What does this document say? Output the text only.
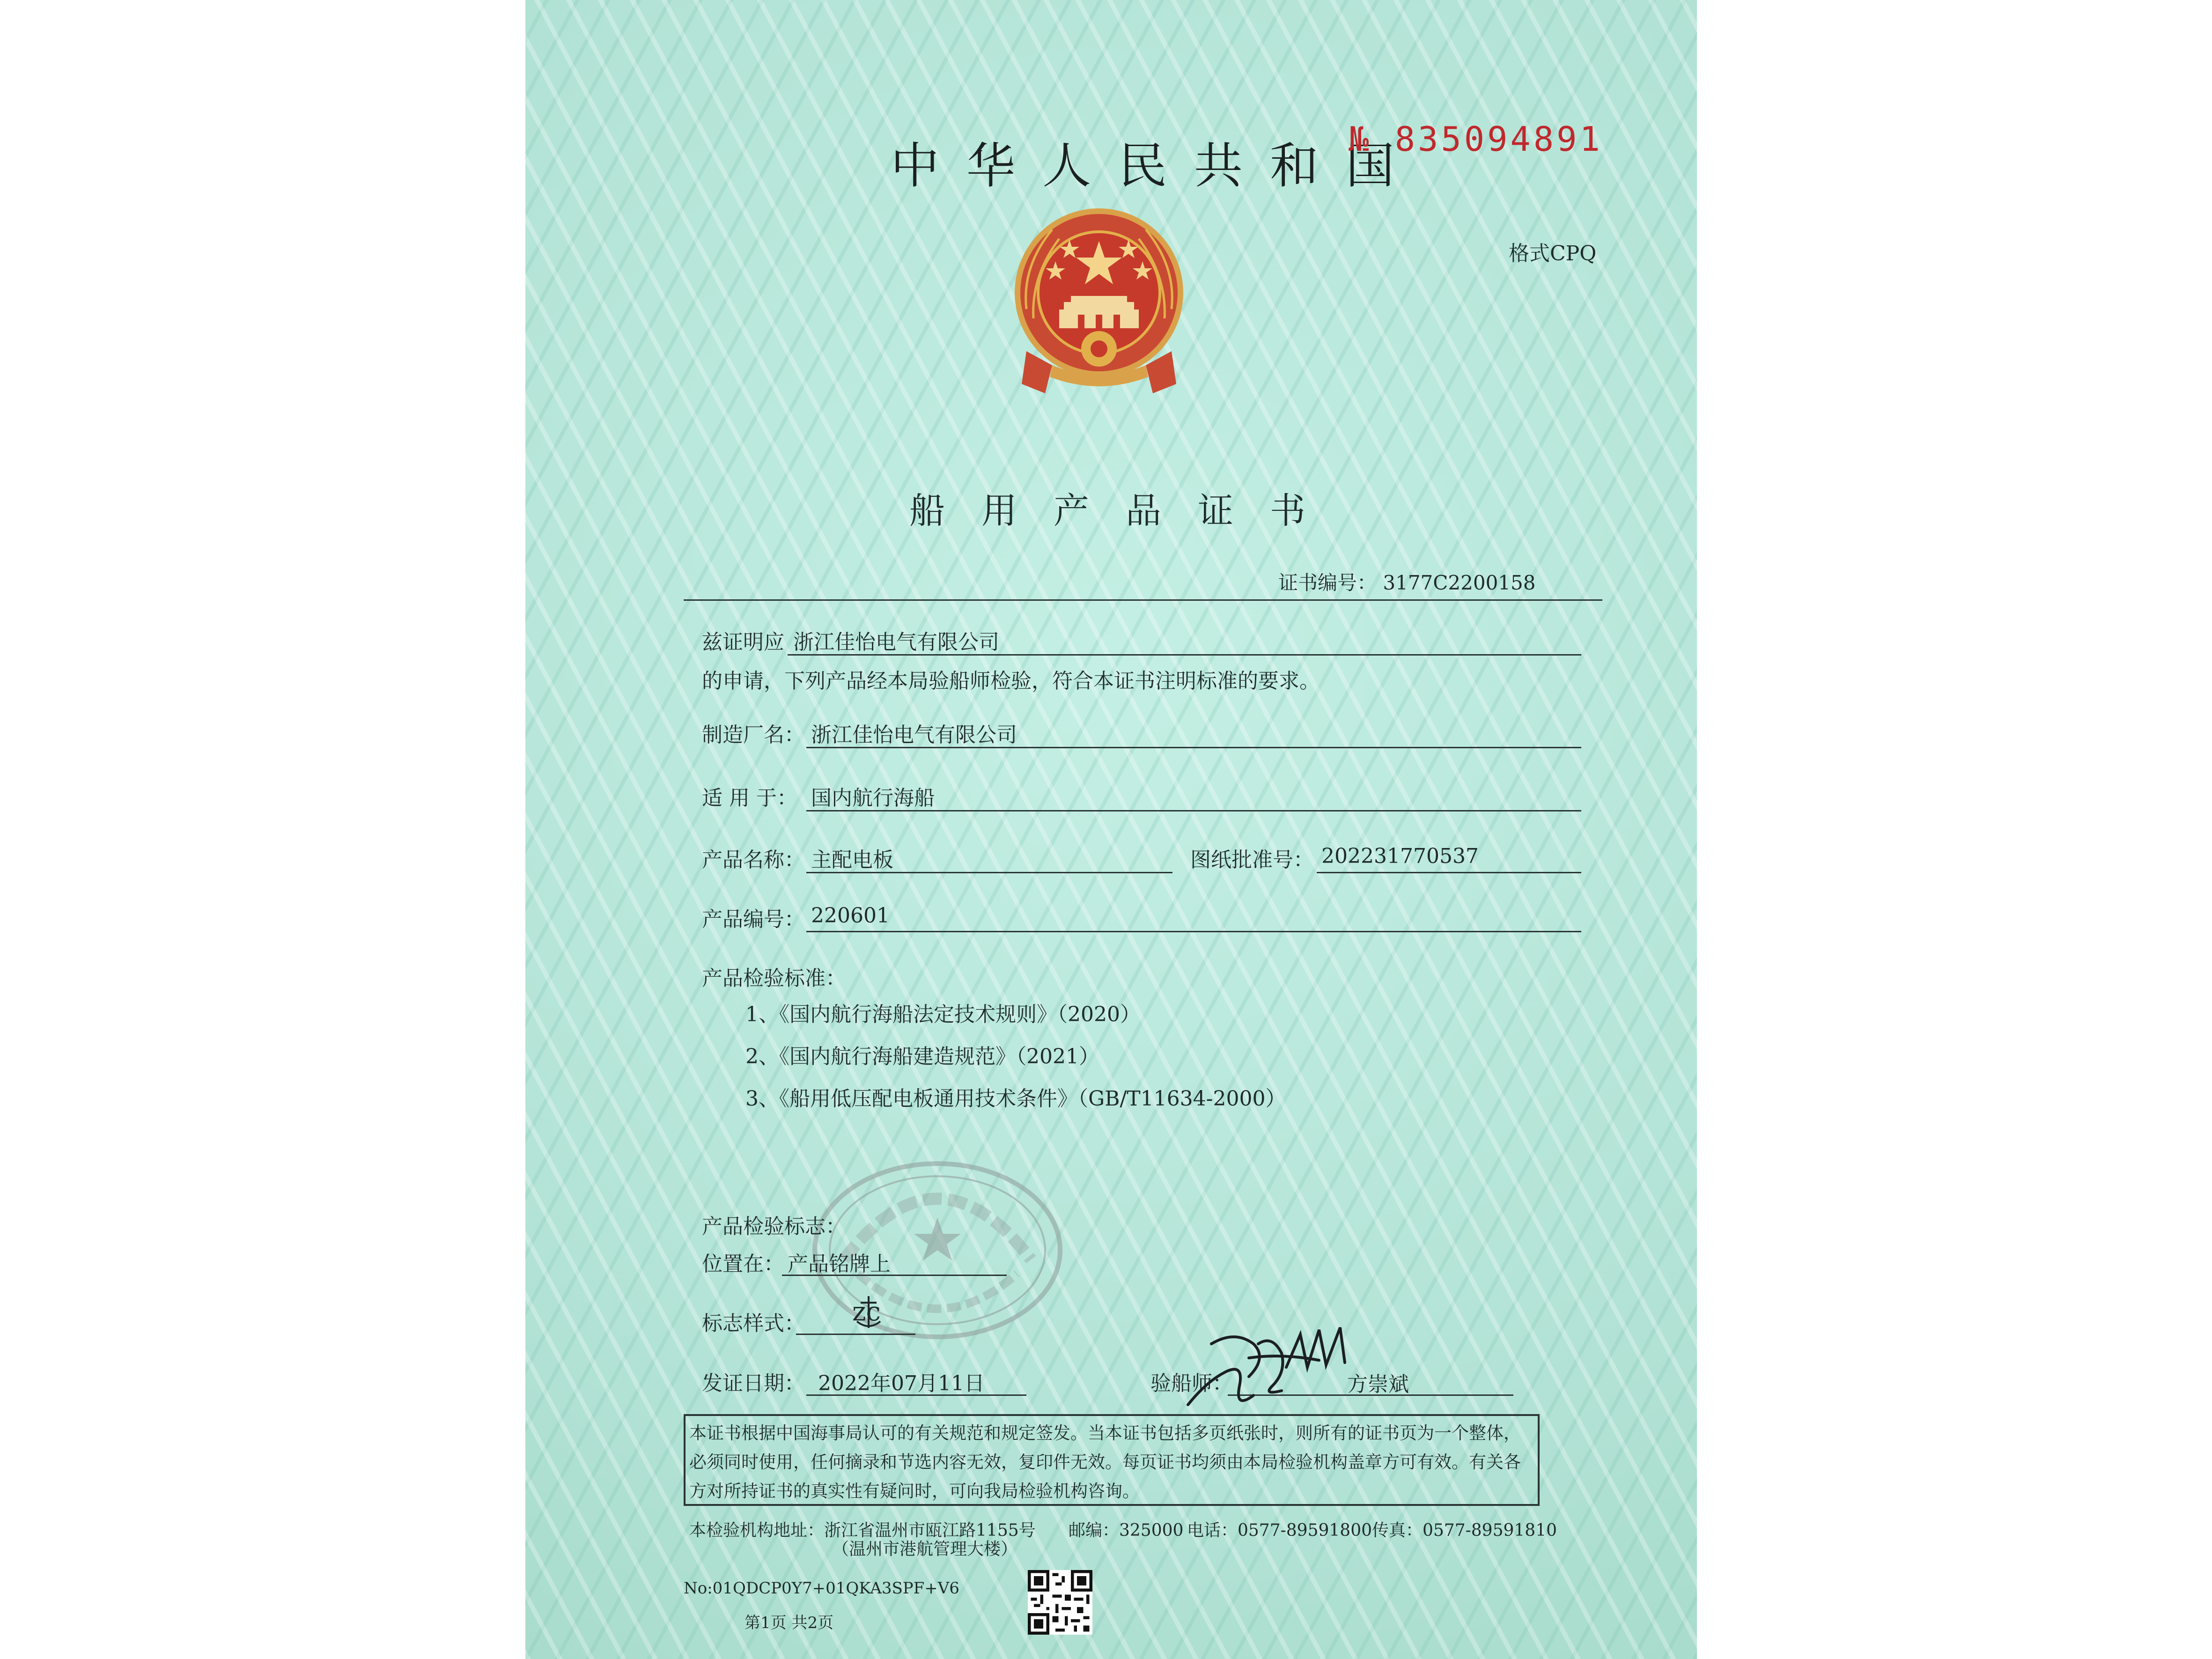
中华人民共和国
№ 835094891
格式CPQ
船用产品证书
证书编号： 3177C2200158
兹证明应 浙江佳怡电气有限公司
的申请，下列产品经本局验船师检验，符合本证书注明标准的要求。
制造厂名： 浙江佳怡电气有限公司
适 用 于： 国内航行海船
产品名称： 主配电板	图纸批准号： 202231770537
产品编号： 220601
产品检验标准：
1、《国内航行海船法定技术规则》（2020）
2、《国内航行海船建造规范》（2021）
3、《船用低压配电板通用技术条件》（GB/T11634-2000）
产品检验标志：
位置在： 产品铭牌上
标志样式： zc
发证日期： 2022年07月11日	验船师：	方崇斌
本证书根据中国海事局认可的有关规范和规定签发。当本证书包括多页纸张时，则所有的证书页为一个整体，必须同时使用，任何摘录和节选内容无效，复印件无效。每页证书均须由本局检验机构盖章方可有效。有关各方对所持证书的真实性有疑问时，可向我局检验机构咨询。
本检验机构地址：浙江省温州市瓯江路1155号 邮编：325000 电话：0577-89591800 传真：0577-89591810
（温州市港航管理大楼）
No:01QDCP0Y7+01QKA3SPF+V6
第1页 共2页
